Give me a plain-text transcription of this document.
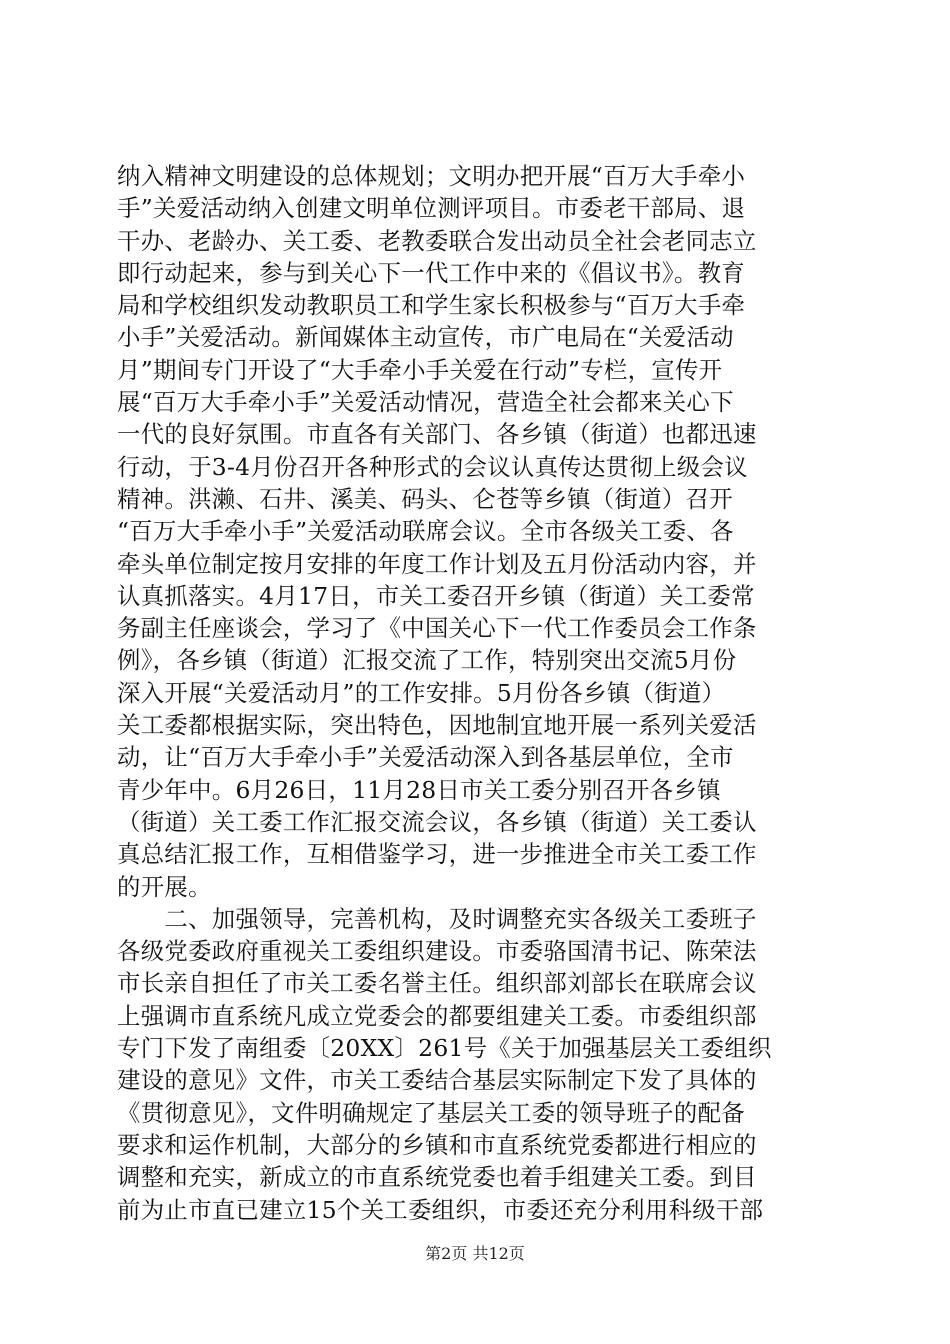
纳入精神文明建设的总体规划；文明办把开展“百万大手牵小
手”关爱活动纳入创建文明单位测评项目。市委老干部局、退
干办、老龄办、关工委、老教委联合发出动员全社会老同志立
即行动起来，参与到关心下一代工作中来的《倡议书》。教育
局和学校组织发动教职员工和学生家长积极参与“百万大手牵
小手”关爱活动。新闻媒体主动宣传，市广电局在“关爱活动
月”期间专门开设了“大手牵小手关爱在行动”专栏，宣传开
展“百万大手牵小手”关爱活动情况，营造全社会都来关心下
一代的良好氛围。市直各有关部门、各乡镇（街道）也都迅速
行动，于3-4月份召开各种形式的会议认真传达贯彻上级会议
精神。洪濑、石井、溪美、码头、仑苍等乡镇（街道）召开
“百万大手牵小手”关爱活动联席会议。全市各级关工委、各
牵头单位制定按月安排的年度工作计划及五月份活动内容，并
认真抓落实。4月17日，市关工委召开乡镇（街道）关工委常
务副主任座谈会，学习了《中国关心下一代工作委员会工作条
例》，各乡镇（街道）汇报交流了工作，特别突出交流5月份
深入开展“关爱活动月”的工作安排。5月份各乡镇（街道）
关工委都根据实际，突出特色，因地制宜地开展一系列关爱活
动，让“百万大手牵小手”关爱活动深入到各基层单位，全市
青少年中。6月26日，11月28日市关工委分别召开各乡镇
（街道）关工委工作汇报交流会议，各乡镇（街道）关工委认
真总结汇报工作，互相借鉴学习，进一步推进全市关工委工作
的开展。
　　二、加强领导，完善机构，及时调整充实各级关工委班子
各级党委政府重视关工委组织建设。市委骆国清书记、陈荣法
市长亲自担任了市关工委名誉主任。组织部刘部长在联席会议
上强调市直系统凡成立党委会的都要组建关工委。市委组织部
专门下发了南组委〔20XX〕261号《关于加强基层关工委组织
建设的意见》文件，市关工委结合基层实际制定下发了具体的
《贯彻意见》，文件明确规定了基层关工委的领导班子的配备
要求和运作机制，大部分的乡镇和市直系统党委都进行相应的
调整和充实，新成立的市直系统党委也着手组建关工委。到目
前为止市直已建立15个关工委组织，市委还充分利用科级干部
第2页 共12页
